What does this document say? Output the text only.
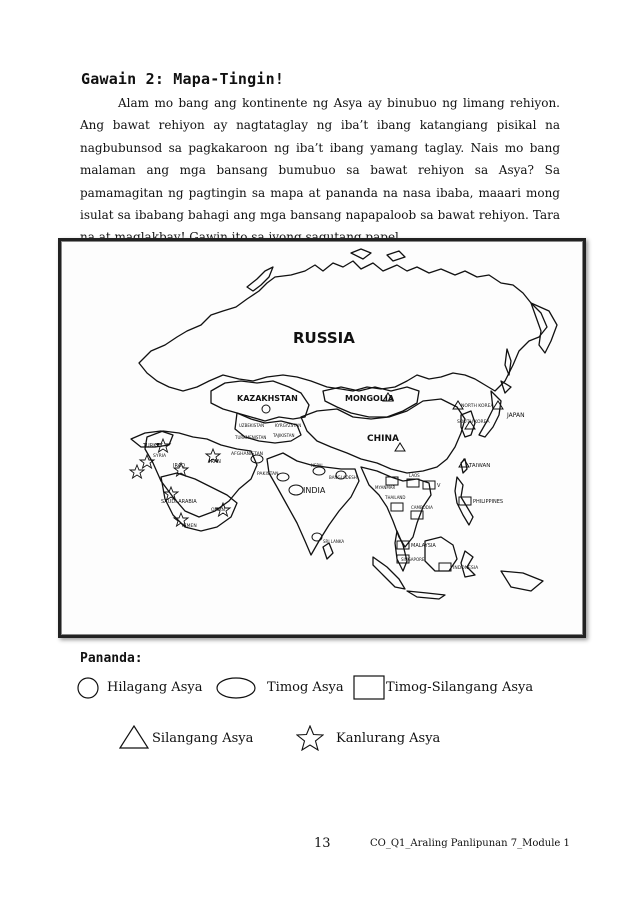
Gawain 2: Mapa-Tingin!
Alam mo bang ang kontinente ng Asya ay binubuo ng limang rehiyon. Ang bawat rehiyon ay nagtataglay ng iba’t ibang katangiang pisikal na nagbubunsod sa pagkakaroon ng iba’t ibang yamang taglay. Nais mo bang malaman ang mga bansang bumubuo sa bawat rehiyon sa Asya? Sa pamamagitan ng pagtingin sa mapa at pananda na nasa ibaba, maaari mong isulat sa ibabang bahagi ang mga bansang napapaloob sa bawat rehiyon. Tara
RUSSIA
KAZAKHSTAN	MONGOLIA
CHINA
INDIA
NORTH KOREA
SOUTH KOREA
JAPAN
TAIWAN
PHILIPPINES
TURKEY
SYRIA
IRAQ
IRAN
SAUDI ARABIA
YEMEN
OMAN
AFGHANISTAN
PAKISTAN
NEPAL
BANGLADESH
MYANMAR
LAOS
V
THAILAND
CAMBODIA
MALAYSIA
SINGAPORE
INDONESIA
SRI LANKA
UZBEKISTAN	KYRGYZSTAN
TAJIKISTAN
TURKMENISTAN
Pananda:
Hilagang Asya	Timog Asya	Timog-Silangang Asya
Silangang Asya	Kanlurang Asya
13	CO_Q1_Araling Panlipunan 7_Module 1
